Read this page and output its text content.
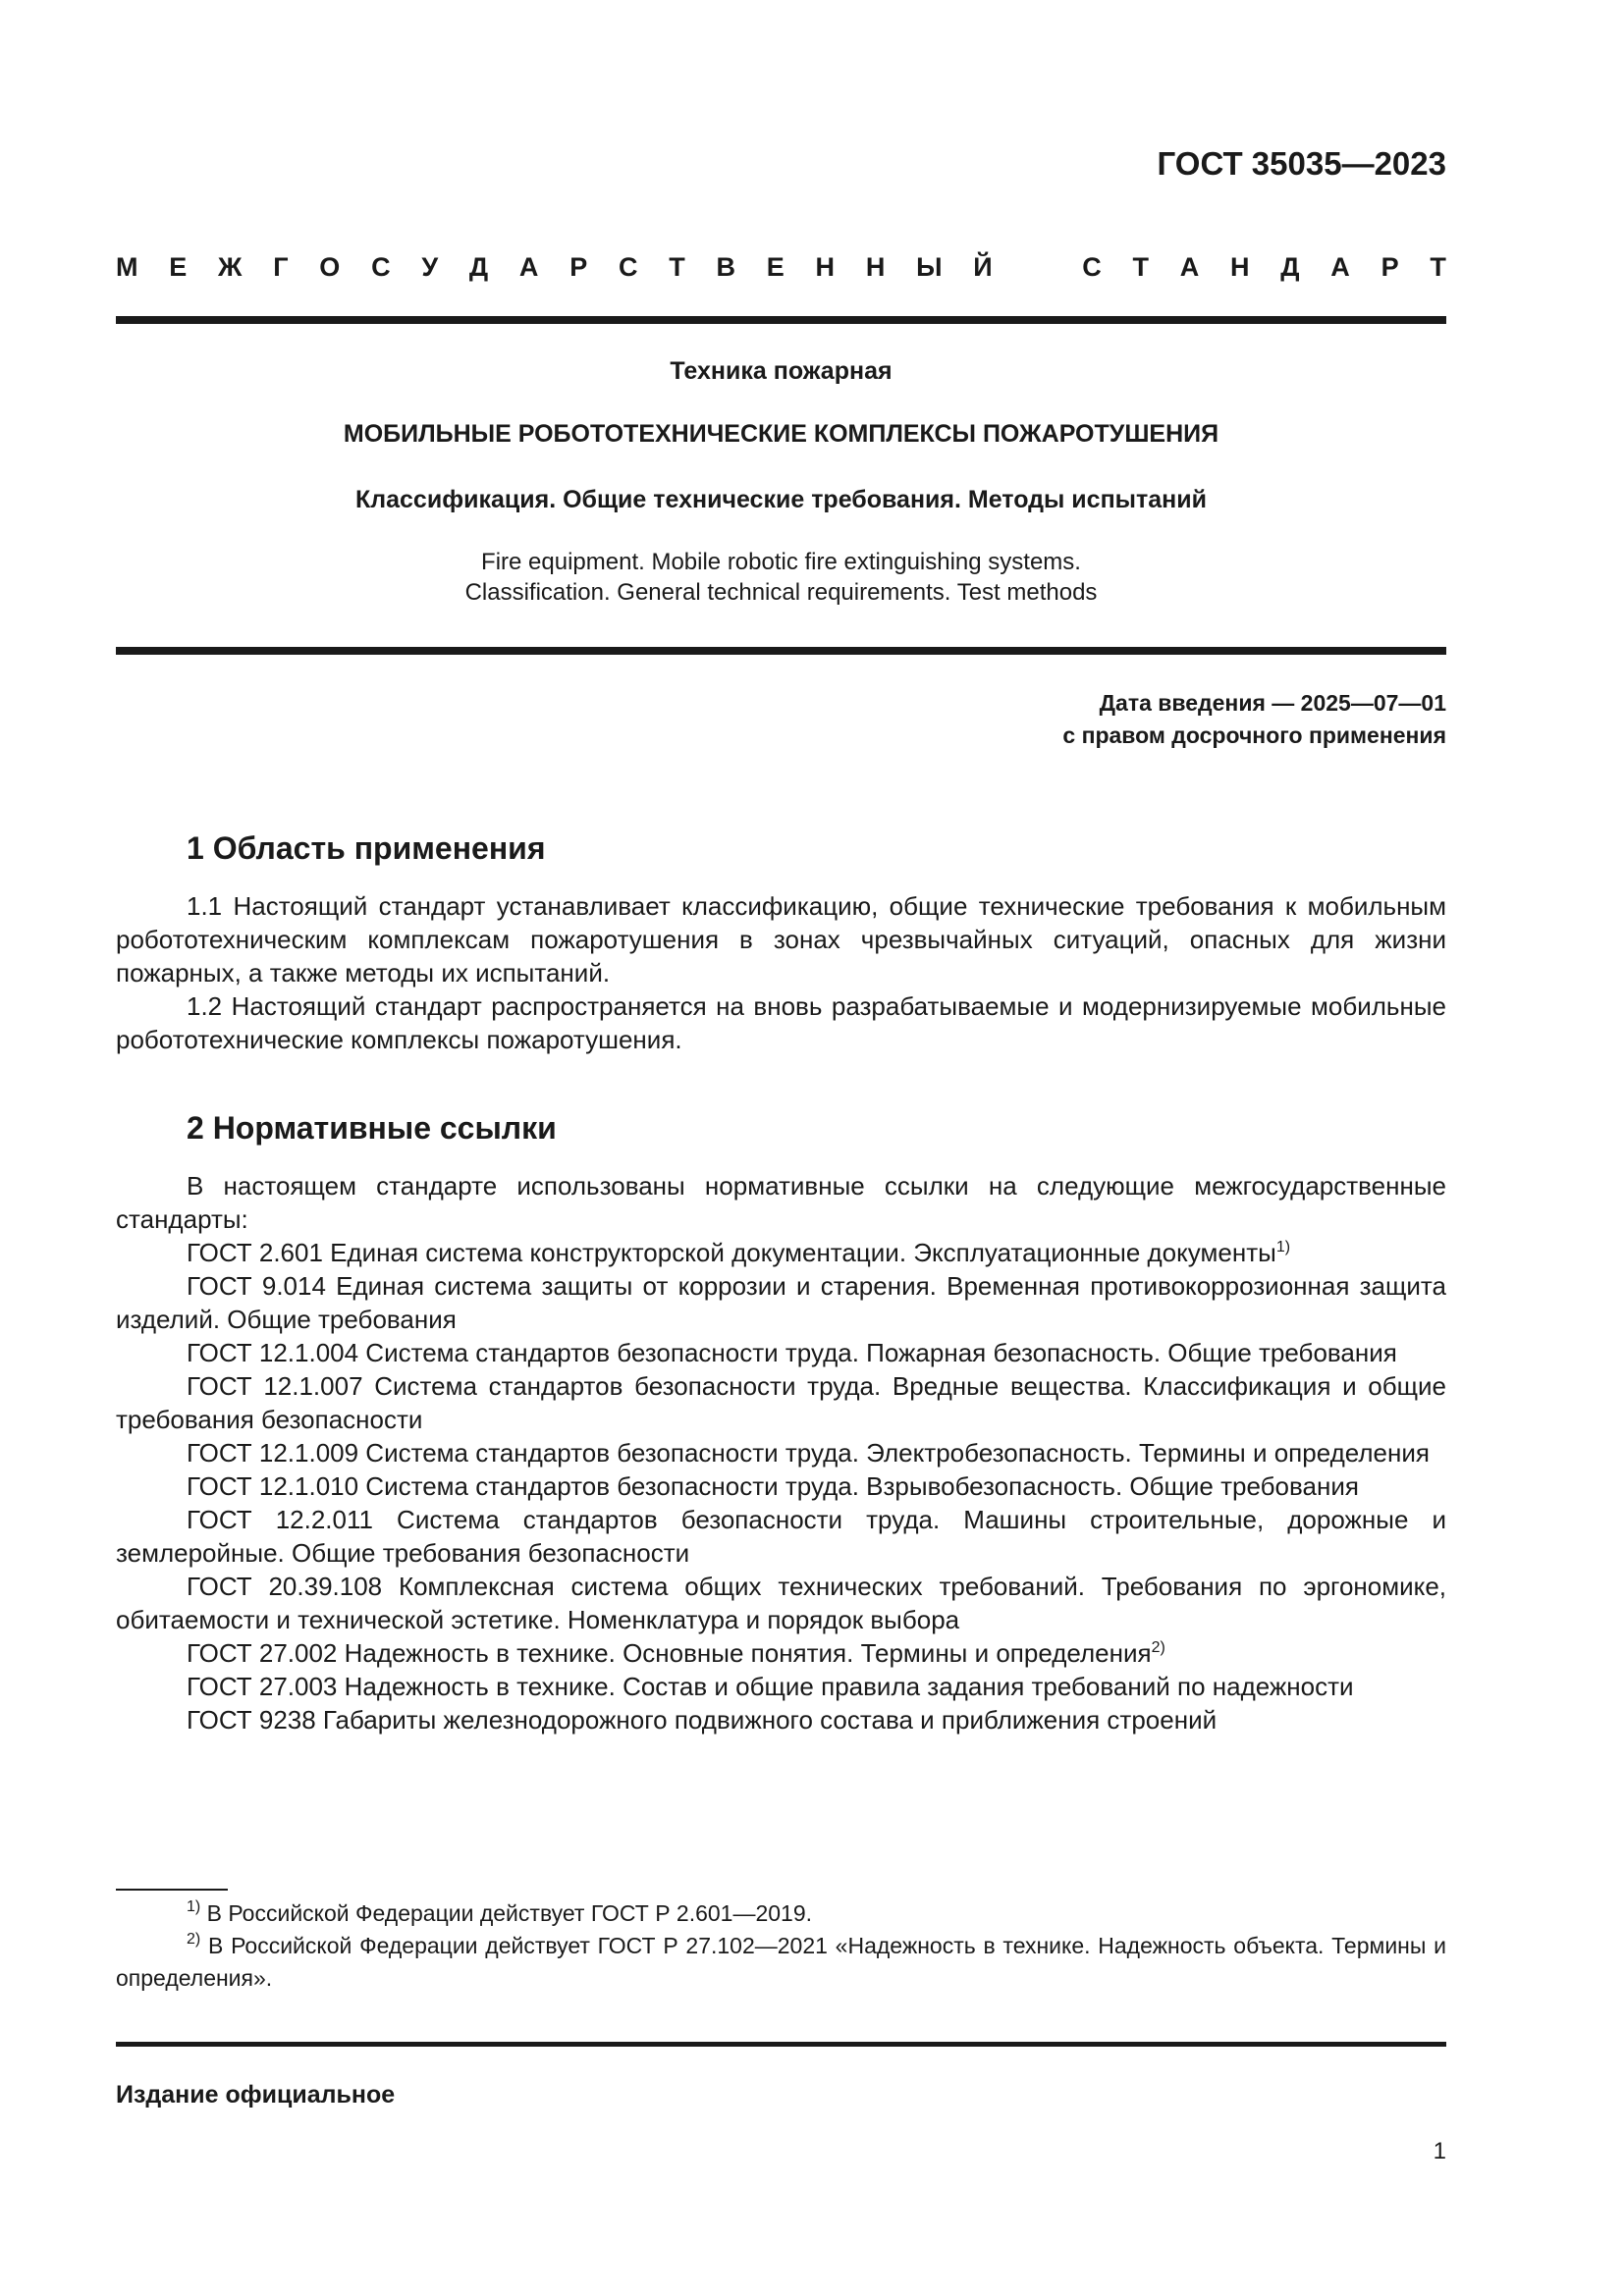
ГОСТ 35035—2023
М Е Ж Г О С У Д А Р С Т В Е Н Н Ы Й	С Т А Н Д А Р Т
Техника пожарная
МОБИЛЬНЫЕ РОБОТОТЕХНИЧЕСКИЕ КОМПЛЕКСЫ ПОЖАРОТУШЕНИЯ
Классификация. Общие технические требования. Методы испытаний
Fire equipment. Mobile robotic fire extinguishing systems.
Classification. General technical requirements. Test methods
Дата введения — 2025—07—01
с правом досрочного применения
1 Область применения

1.1 Настоящий стандарт устанавливает классификацию, общие технические требования к мобильным робототехническим комплексам пожаротушения в зонах чрезвычайных ситуаций, опасных для жизни пожарных, а также методы их испытаний.

1.2 Настоящий стандарт распространяется на вновь разрабатываемые и модернизируемые мобильные робототехнические комплексы пожаротушения.

2 Нормативные ссылки

В настоящем стандарте использованы нормативные ссылки на следующие межгосударственные стандарты:

ГОСТ 2.601 Единая система конструкторской документации. Эксплуатационные документы$^{1)}$

ГОСТ 9.014 Единая система защиты от коррозии и старения. Временная противокоррозионная защита изделий. Общие требования

ГОСТ 12.1.004 Система стандартов безопасности труда. Пожарная безопасность. Общие требования

ГОСТ 12.1.007 Система стандартов безопасности труда. Вредные вещества. Классификация и общие требования безопасности

ГОСТ 12.1.009 Система стандартов безопасности труда. Электробезопасность. Термины и определения

ГОСТ 12.1.010 Система стандартов безопасности труда. Взрывобезопасность. Общие требования

ГОСТ 12.2.011 Система стандартов безопасности труда. Машины строительные, дорожные и землеройные. Общие требования безопасности

ГОСТ 20.39.108 Комплексная система общих технических требований. Требования по эргономике, обитаемости и технической эстетике. Номенклатура и порядок выбора

ГОСТ 27.002 Надежность в технике. Основные понятия. Термины и определения$^{2)}$

ГОСТ 27.003 Надежность в технике. Состав и общие правила задания требований по надежности

ГОСТ 9238 Габариты железнодорожного подвижного состава и приближения строений

$^{1)}$ В Российской Федерации действует ГОСТ Р 2.601—2019.

$^{2)}$ В Российской Федерации действует ГОСТ Р 27.102—2021 «Надежность в технике. Надежность объекта. Термины и определения».

Издание официальное
1
